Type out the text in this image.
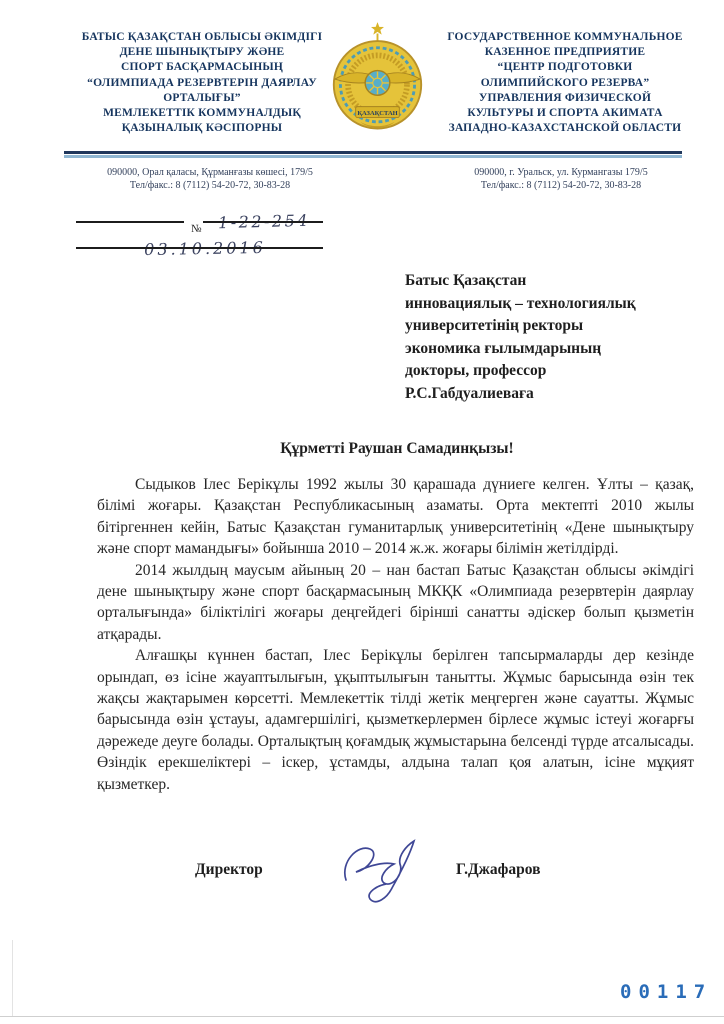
БАТЫС ҚАЗАҚСТАН ОБЛЫСЫ ӘКІМДІГІ
ДЕНЕ ШЫНЫҚТЫРУ ЖӘНЕ
СПОРТ БАСҚАРМАСЫНЫҢ
“ОЛИМПИАДА РЕЗЕРВТЕРІН ДАЯРЛАУ
ОРТАЛЫҒЫ”
МЕМЛЕКЕТТІК КОММУНАЛДЫҚ
ҚАЗЫНАЛЫҚ КӘСІПОРНЫ
ҚАЗАҚСТАН
ГОСУДАРСТВЕННОЕ КОММУНАЛЬНОЕ
КАЗЕННОЕ ПРЕДПРИЯТИЕ
“ЦЕНТР ПОДГОТОВКИ
ОЛИМПИЙСКОГО РЕЗЕРВА”
УПРАВЛЕНИЯ ФИЗИЧЕСКОЙ
КУЛЬТУРЫ И СПОРТА АКИМАТА
ЗАПАДНО-КАЗАХСТАНСКОЙ ОБЛАСТИ
090000, Орал қаласы, Құрманғазы көшесі, 179/5
Тел/факс.: 8 (7112) 54-20-72, 30-83-28
090000, г. Уральск, ул. Курмангазы 179/5
Тел/факс.: 8 (7112) 54-20-72, 30-83-28
№	1-22-254
03.10.2016
Батыс Қазақстан
инновациялық – технологиялық
университетінің ректоры
экономика ғылымдарының
докторы, профессор
Р.С.Габдуалиеваға
Құрметті Раушан Самадинқызы!

Сыдыков Ілес Берікұлы 1992 жылы 30 қарашада дүниеге келген. Ұлты – қазақ, білімі жоғары. Қазақстан Республикасының азаматы. Орта мектепті 2010 жылы бітіргеннен кейін, Батыс Қазақстан гуманитарлық университетінің «Дене шынықтыру және спорт мамандығы» бойынша 2010 – 2014 ж.ж. жоғары білімін жетілдірді.

2014 жылдың маусым айының 20 – нан бастап Батыс Қазақстан облысы әкімдігі дене шынықтыру және спорт басқармасының МКҚК «Олимпиада резервтерін даярлау орталығында» біліктілігі жоғары деңгейдегі бірінші санатты әдіскер болып қызметін атқарады.

Алғашқы күннен бастап, Ілес Берікұлы берілген тапсырмаларды дер кезінде орындап, өз ісіне жауаптылығын, ұқыптылығын танытты. Жұмыс барысында өзін тек жақсы жақтарымен көрсетті. Мемлекеттік тілді жетік меңгерген және сауатты. Жұмыс барысында өзін ұстауы, адамгершілігі, қызметкерлермен бірлесе жұмыс істеуі жоғарғы дәрежеде деуге болады. Орталықтың қоғамдық жұмыстарына белсенді түрде атсалысады. Өзіндік ерекшеліктері – іскер, ұстамды, алдына талап қоя алатын, ісіне мұқият қызметкер.

Директор	Г.Джафаров
00117
